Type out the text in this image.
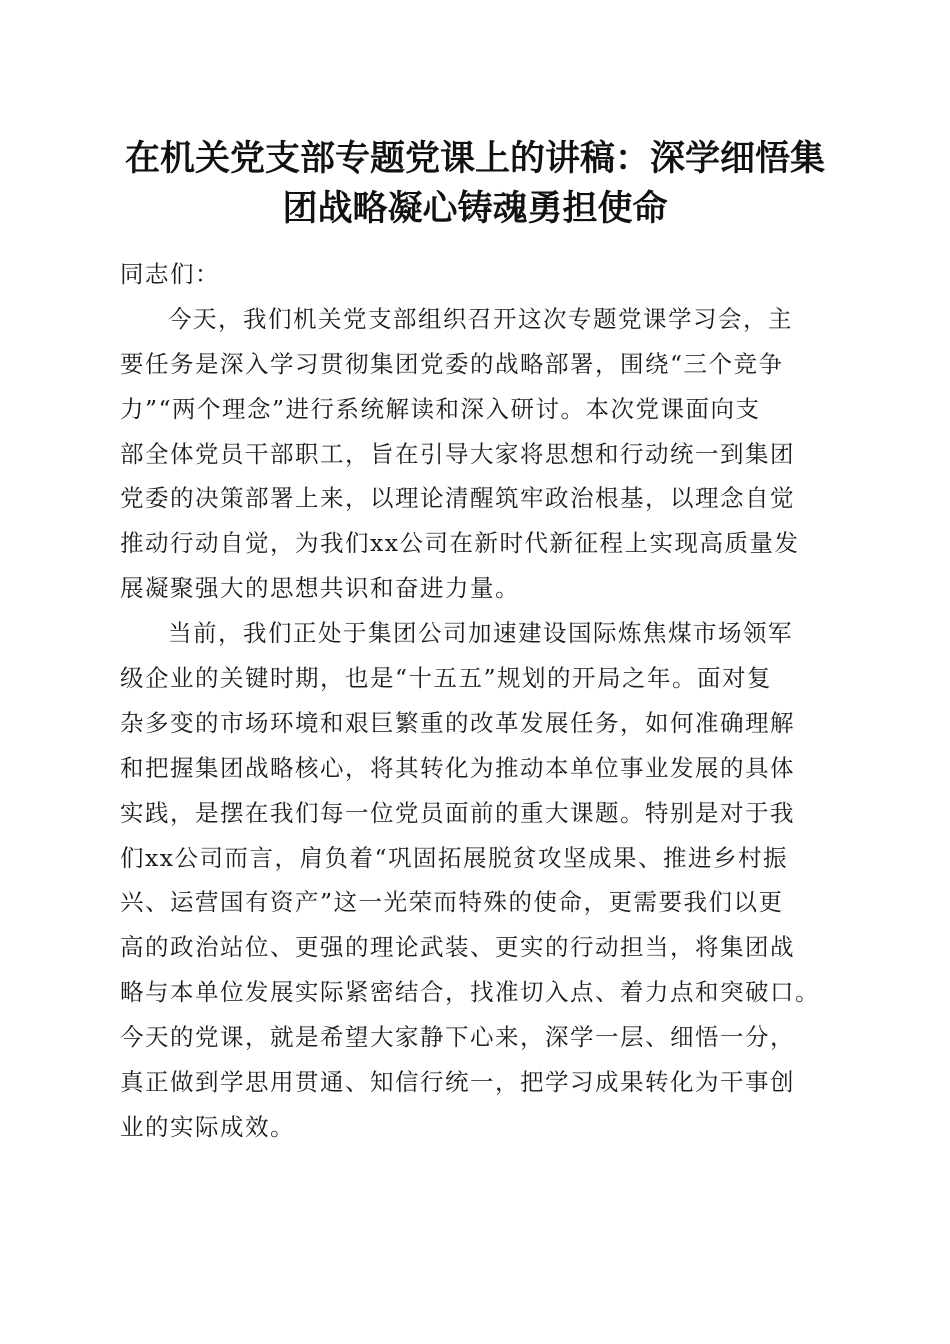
在机关党支部专题党课上的讲稿：深学细悟集
团战略凝心铸魂勇担使命
同志们：
今天，我们机关党支部组织召开这次专题党课学习会，主
要任务是深入学习贯彻集团党委的战略部署，围绕“三个竞争
力”“两个理念”进行系统解读和深入研讨。本次党课面向支
部全体党员干部职工，旨在引导大家将思想和行动统一到集团
党委的决策部署上来，以理论清醒筑牢政治根基，以理念自觉
推动行动自觉，为我们xx公司在新时代新征程上实现高质量发
展凝聚强大的思想共识和奋进力量。
当前，我们正处于集团公司加速建设国际炼焦煤市场领军
级企业的关键时期，也是“十五五”规划的开局之年。面对复
杂多变的市场环境和艰巨繁重的改革发展任务，如何准确理解
和把握集团战略核心，将其转化为推动本单位事业发展的具体
实践，是摆在我们每一位党员面前的重大课题。特别是对于我
们xx公司而言，肩负着“巩固拓展脱贫攻坚成果、推进乡村振
兴、运营国有资产”这一光荣而特殊的使命，更需要我们以更
高的政治站位、更强的理论武装、更实的行动担当，将集团战
略与本单位发展实际紧密结合，找准切入点、着力点和突破口。
今天的党课，就是希望大家静下心来，深学一层、细悟一分，
真正做到学思用贯通、知信行统一，把学习成果转化为干事创
业的实际成效。
